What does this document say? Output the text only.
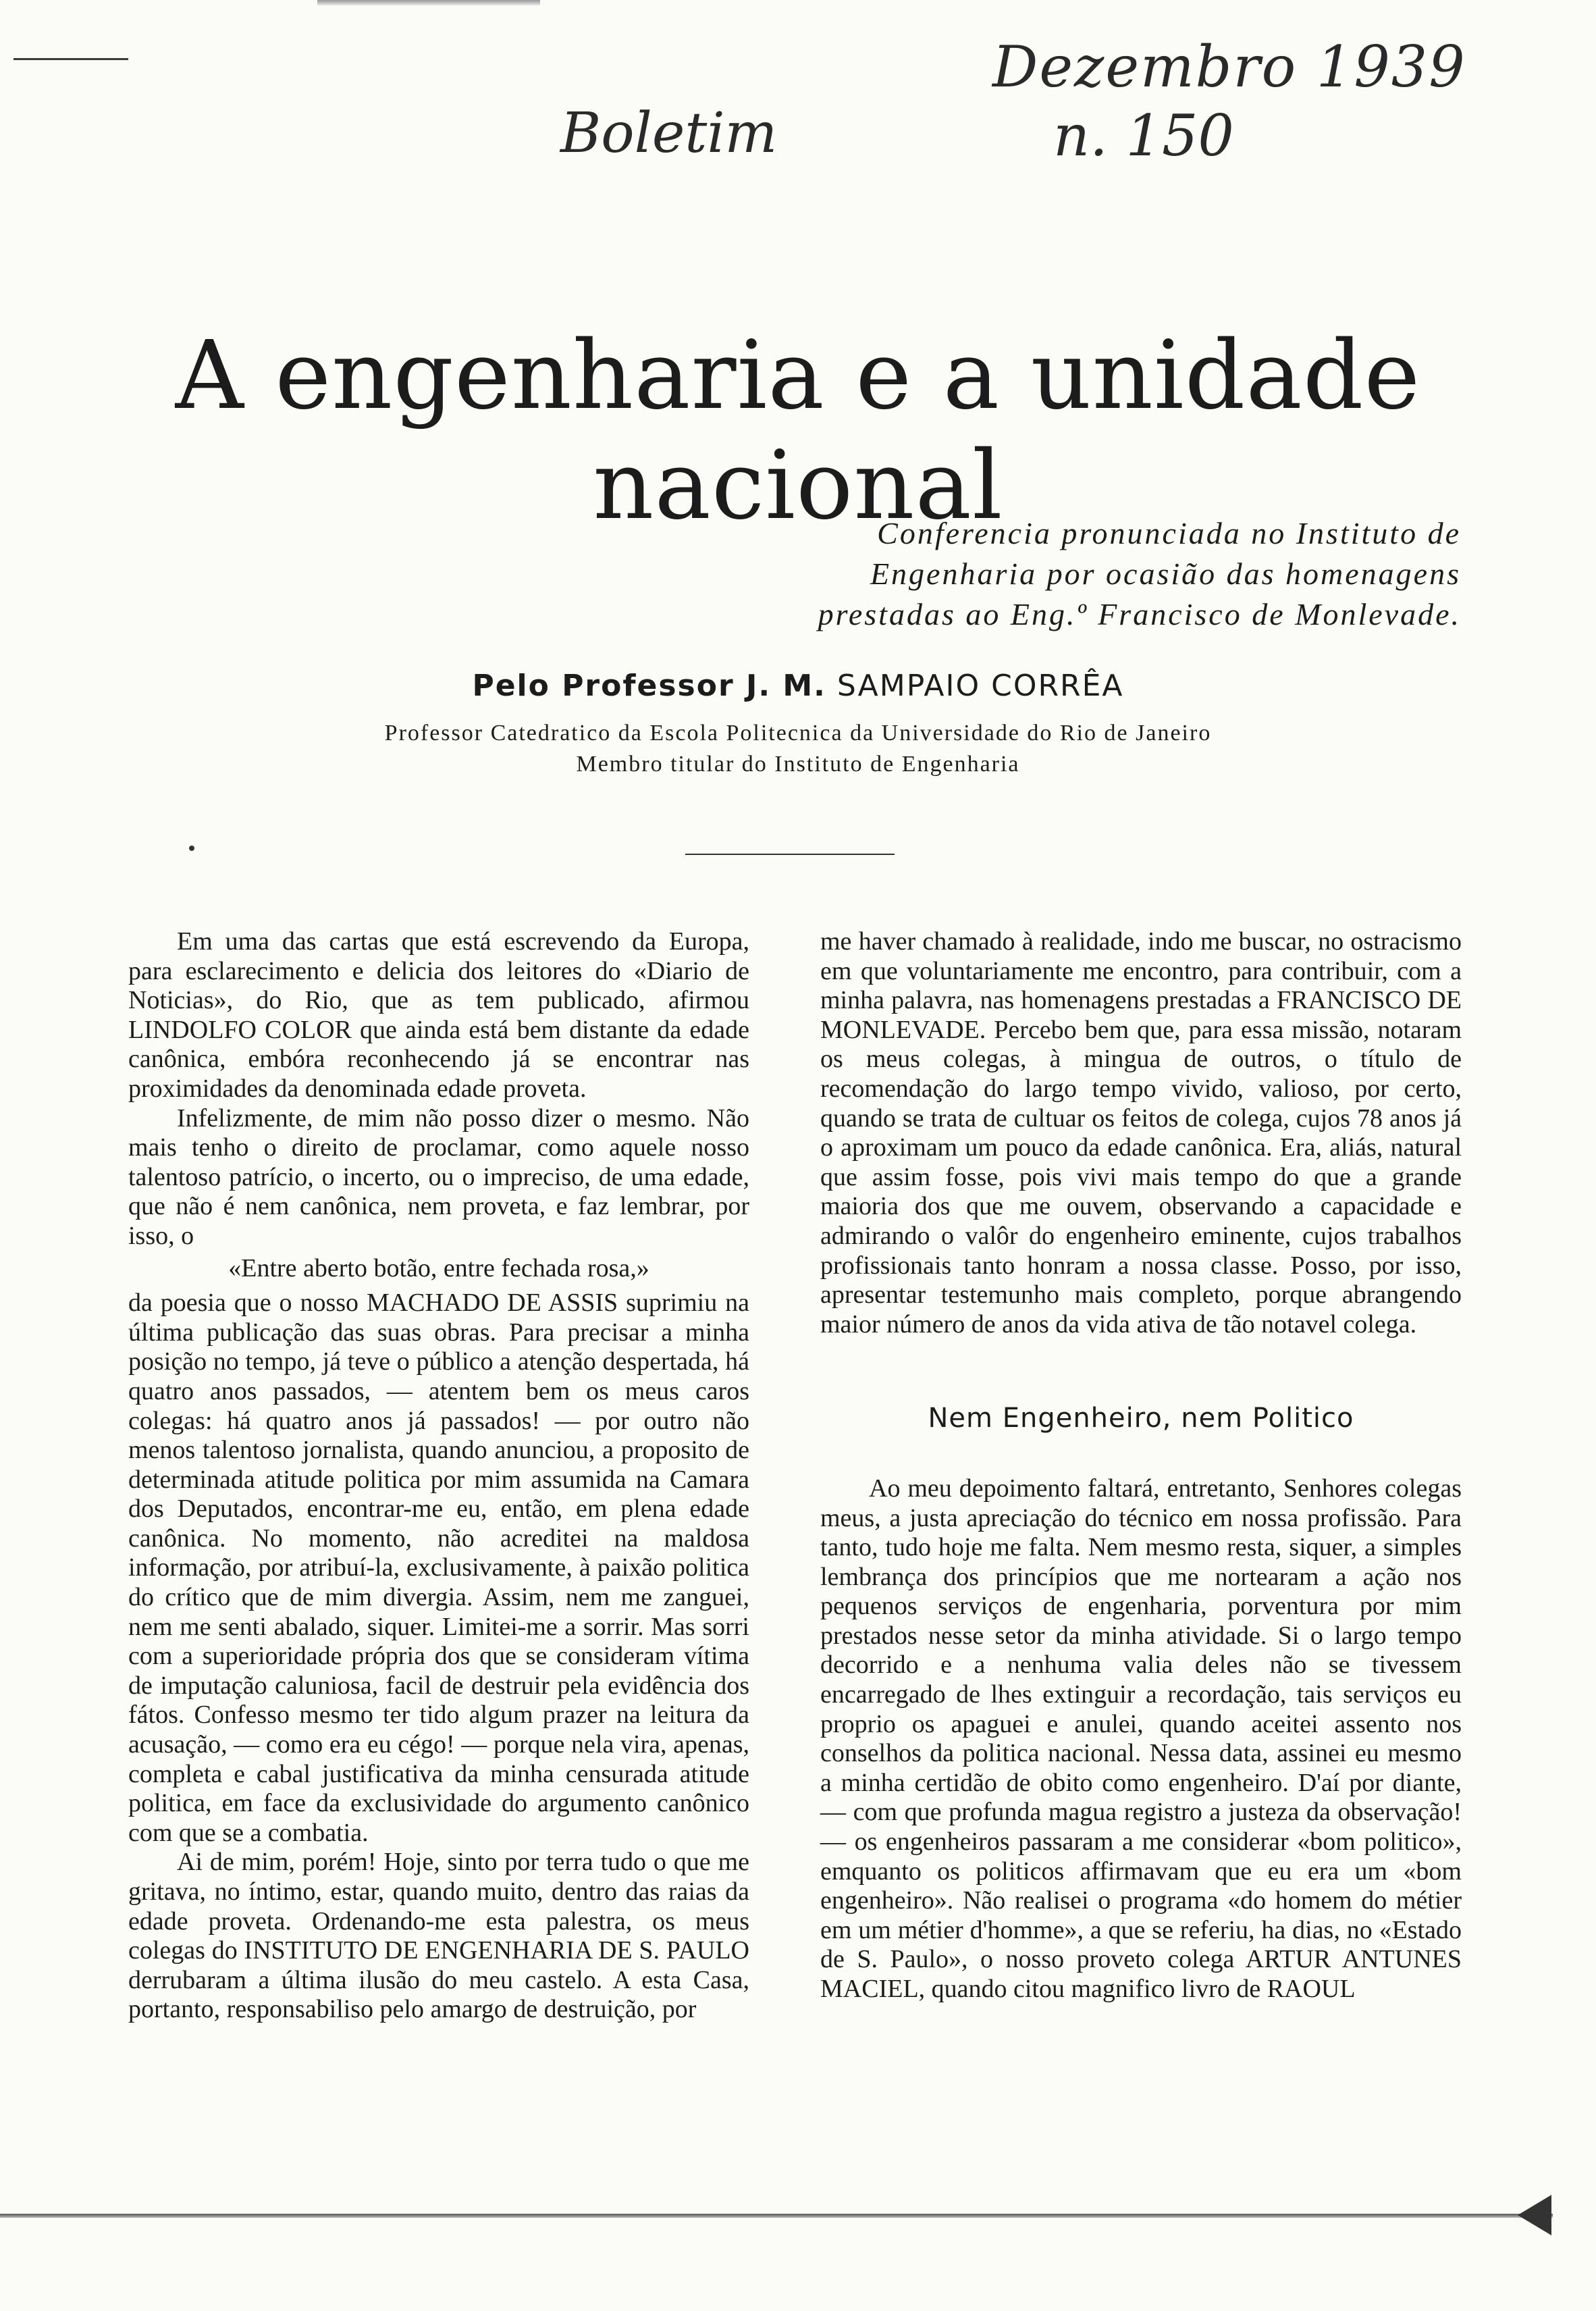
Dezembro 1939
n. 150
Boletim
A engenharia e a unidade nacional
Conferencia pronunciada no Instituto de
Engenharia por ocasião das homenagens
prestadas ao Eng.º Francisco de Monlevade.
Pelo Professor J. M. SAMPAIO CORRÊA
Professor Catedratico da Escola Politecnica da Universidade do Rio de Janeiro
Membro titular do Instituto de Engenharia

Em uma das cartas que está escrevendo da Europa, para esclarecimento e delicia dos leitores do «Diario de Noticias», do Rio, que as tem publicado, afirmou LINDOLFO COLOR que ainda está bem distante da edade canônica, embóra reconhecendo já se encontrar nas proximidades da denominada edade proveta.

Infelizmente, de mim não posso dizer o mesmo. Não mais tenho o direito de proclamar, como aquele nosso talentoso patrício, o incerto, ou o impreciso, de uma edade, que não é nem canônica, nem proveta, e faz lembrar, por isso, o

«Entre aberto botão, entre fechada rosa,»

da poesia que o nosso MACHADO DE ASSIS suprimiu na última publicação das suas obras. Para precisar a minha posição no tempo, já teve o público a atenção despertada, há quatro anos passados, — atentem bem os meus caros colegas: há quatro anos já passados! — por outro não menos talentoso jornalista, quando anunciou, a proposito de determinada atitude politica por mim assumida na Camara dos Deputados, encontrar-me eu, então, em plena edade canônica. No momento, não acreditei na maldosa informação, por atribuí-la, exclusivamente, à paixão politica do crítico que de mim divergia. Assim, nem me zanguei, nem me senti abalado, siquer. Limitei-me a sorrir. Mas sorri com a superioridade própria dos que se consideram vítima de imputação caluniosa, facil de destruir pela evidência dos fátos. Confesso mesmo ter tido algum prazer na leitura da acusação, — como era eu cégo! — porque nela vira, apenas, completa e cabal justificativa da minha censurada atitude politica, em face da exclusividade do argumento canônico com que se a combatia.

Ai de mim, porém! Hoje, sinto por terra tudo o que me gritava, no íntimo, estar, quando muito, dentro das raias da edade proveta. Ordenando-me esta palestra, os meus colegas do INSTITUTO DE ENGENHARIA DE S. PAULO derrubaram a última ilusão do meu castelo. A esta Casa, portanto, responsabiliso pelo amargo de destruição, por

me haver chamado à realidade, indo me buscar, no ostracismo em que voluntariamente me encontro, para contribuir, com a minha palavra, nas homenagens prestadas a FRANCISCO DE MONLEVADE. Percebo bem que, para essa missão, notaram os meus colegas, à mingua de outros, o título de recomendação do largo tempo vivido, valioso, por certo, quando se trata de cultuar os feitos de colega, cujos 78 anos já o aproximam um pouco da edade canônica. Era, aliás, natural que assim fosse, pois vivi mais tempo do que a grande maioria dos que me ouvem, observando a capacidade e admirando o valôr do engenheiro eminente, cujos trabalhos profissionais tanto honram a nossa classe. Posso, por isso, apresentar testemunho mais completo, porque abrangendo maior número de anos da vida ativa de tão notavel colega.

Nem Engenheiro, nem Politico

Ao meu depoimento faltará, entretanto, Senhores colegas meus, a justa apreciação do técnico em nossa profissão. Para tanto, tudo hoje me falta. Nem mesmo resta, siquer, a simples lembrança dos princípios que me nortearam a ação nos pequenos serviços de engenharia, porventura por mim prestados nesse setor da minha atividade. Si o largo tempo decorrido e a nenhuma valia deles não se tivessem encarregado de lhes extinguir a recordação, tais serviços eu proprio os apaguei e anulei, quando aceitei assento nos conselhos da politica nacional. Nessa data, assinei eu mesmo a minha certidão de obito como engenheiro. D'aí por diante, — com que profunda magua registro a justeza da observação! — os engenheiros passaram a me considerar «bom politico», emquanto os politicos affirmavam que eu era um «bom engenheiro». Não realisei o programa «do homem do métier em um métier d'homme», a que se referiu, ha dias, no «Estado de S. Paulo», o nosso proveto colega ARTUR ANTUNES MACIEL, quando citou magnifico livro de RAOUL
